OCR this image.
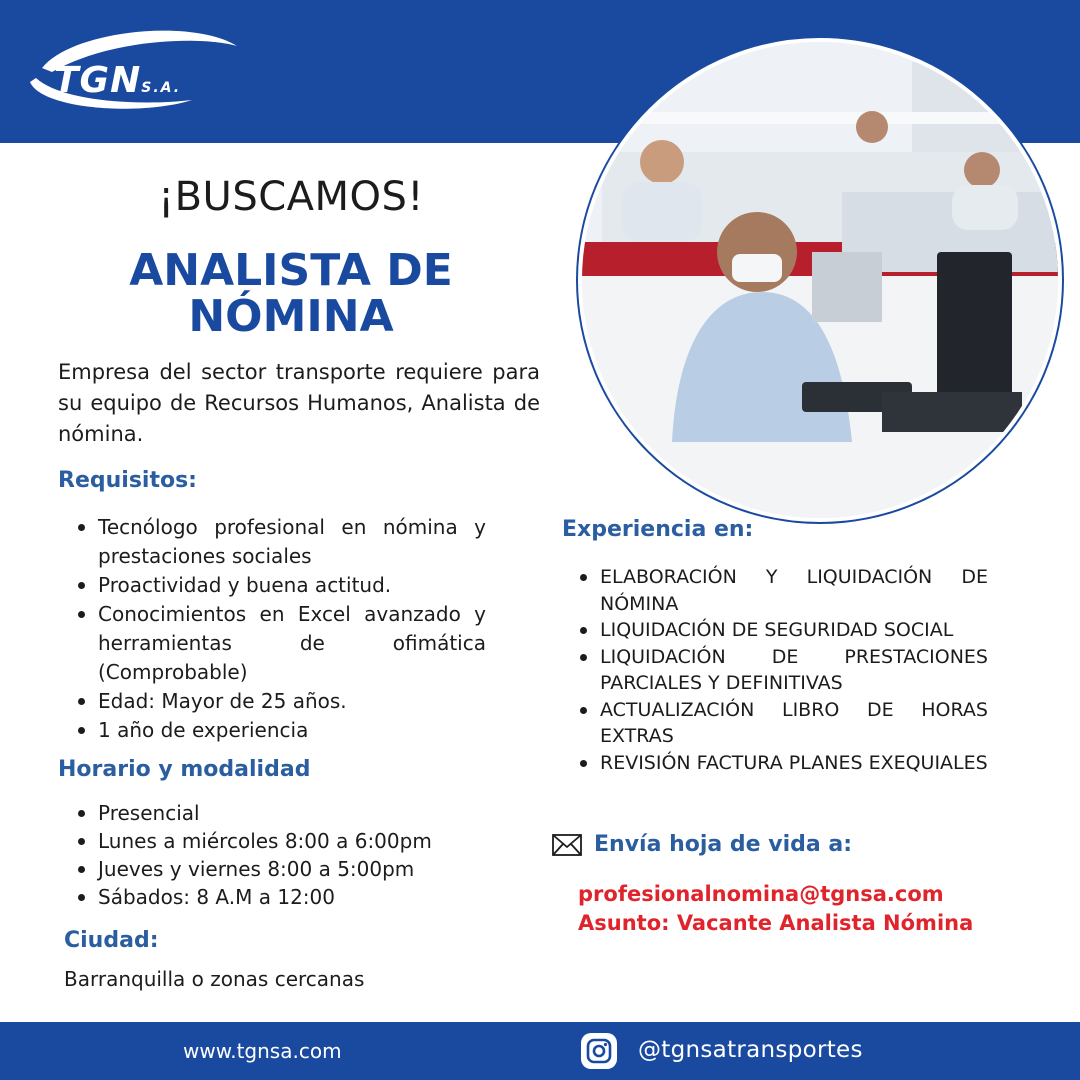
TGNS.A.
¡BUSCAMOS!
ANALISTA DE
NÓMINA
Empresa del sector transporte requiere para su equipo de Recursos Humanos, Analista de nómina.
Requisitos:
Tecnólogo profesional en nómina y prestaciones sociales
Proactividad y buena actitud.
Conocimientos en Excel avanzado y herramientas de ofimática (Comprobable)
Edad: Mayor de 25 años.
1 año de experiencia
Horario y modalidad
Presencial
Lunes a miércoles 8:00 a 6:00pm
Jueves y viernes 8:00 a 5:00pm
Sábados: 8 A.M a 12:00
Ciudad:
Barranquilla o zonas cercanas
Experiencia en:
ELABORACIÓN Y LIQUIDACIÓN DE NÓMINA
LIQUIDACIÓN DE SEGURIDAD SOCIAL
LIQUIDACIÓN DE PRESTACIONES PARCIALES Y DEFINITIVAS
ACTUALIZACIÓN LIBRO DE HORAS EXTRAS
REVISIÓN FACTURA PLANES EXEQUIALES
Envía hoja de vida a:
profesionalnomina@tgnsa.com
Asunto: Vacante Analista Nómina
www.tgnsa.com	@tgnsatransportes
